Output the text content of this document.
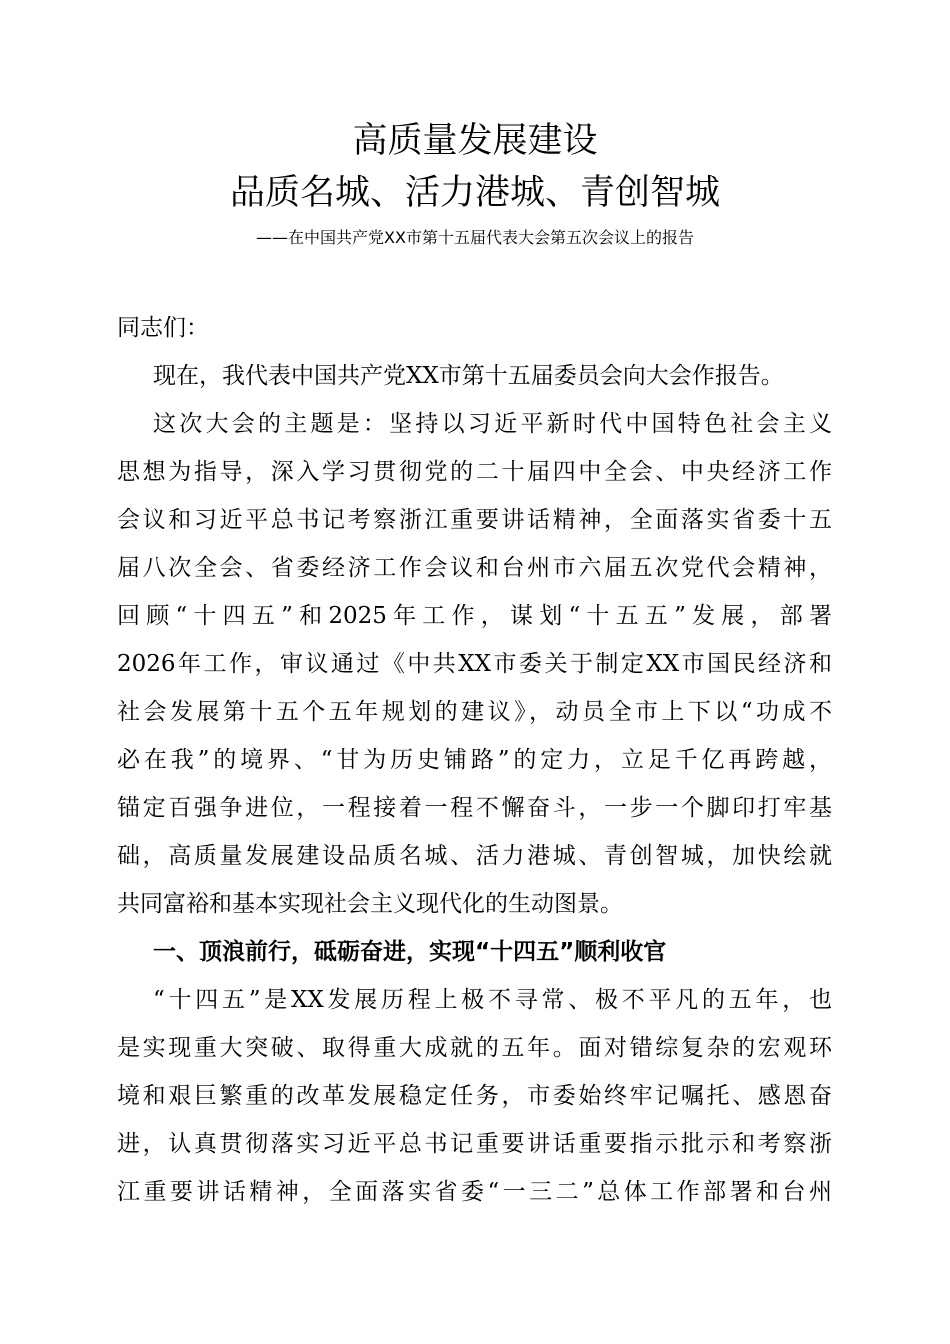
高质量发展建设
品质名城、活力港城、青创智城
——在中国共产党XX市第十五届代表大会第五次会议上的报告
同志们：
现在，我代表中国共产党XX市第十五届委员会向大会作报告。
这次大会的主题是：坚持以习近平新时代中国特色社会主义
思想为指导，深入学习贯彻党的二十届四中全会、中央经济工作
会议和习近平总书记考察浙江重要讲话精神，全面落实省委十五
届八次全会、省委经济工作会议和台州市六届五次党代会精神，
回顾“十四五”和2025年工作，谋划“十五五”发展，部署
2026年工作，审议通过《中共XX市委关于制定XX市国民经济和
社会发展第十五个五年规划的建议》，动员全市上下以“功成不
必在我”的境界、“甘为历史铺路”的定力，立足千亿再跨越，
锚定百强争进位，一程接着一程不懈奋斗，一步一个脚印打牢基
础，高质量发展建设品质名城、活力港城、青创智城，加快绘就
共同富裕和基本实现社会主义现代化的生动图景。
一、顶浪前行，砥砺奋进，实现“十四五”顺利收官
“十四五”是XX发展历程上极不寻常、极不平凡的五年，也
是实现重大突破、取得重大成就的五年。面对错综复杂的宏观环
境和艰巨繁重的改革发展稳定任务，市委始终牢记嘱托、感恩奋
进，认真贯彻落实习近平总书记重要讲话重要指示批示和考察浙
江重要讲话精神，全面落实省委“一三二”总体工作部署和台州
